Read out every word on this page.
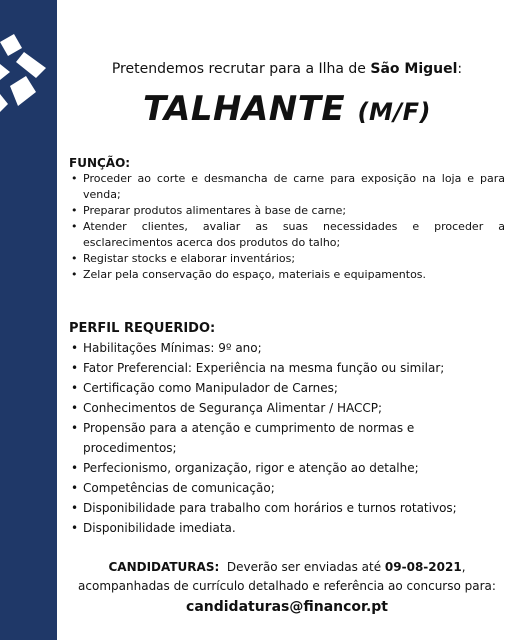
Pretendemos recrutar para a Ilha de São Miguel:
TALHANTE (M/F)
FUNÇÃO:
• Proceder ao corte e desmancha de carne para exposição na loja e para venda;
• Preparar produtos alimentares à base de carne;
• Atender clientes, avaliar as suas necessidades e proceder a esclarecimentos acerca dos produtos do talho;
• Registar stocks e elaborar inventários;
• Zelar pela conservação do espaço, materiais e equipamentos.
PERFIL REQUERIDO:
• Habilitações Mínimas: 9º ano;
• Fator Preferencial: Experiência na mesma função ou similar;
• Certificação como Manipulador de Carnes;
• Conhecimentos de Segurança Alimentar / HACCP;
• Propensão para a atenção e cumprimento de normas e procedimentos;
• Perfecionismo, organização, rigor e atenção ao detalhe;
• Competências de comunicação;
• Disponibilidade para trabalho com horários e turnos rotativos;
• Disponibilidade imediata.
CANDIDATURAS: Deverão ser enviadas até 09-08-2021,
acompanhadas de currículo detalhado e referência ao concurso para:
candidaturas@financor.pt
